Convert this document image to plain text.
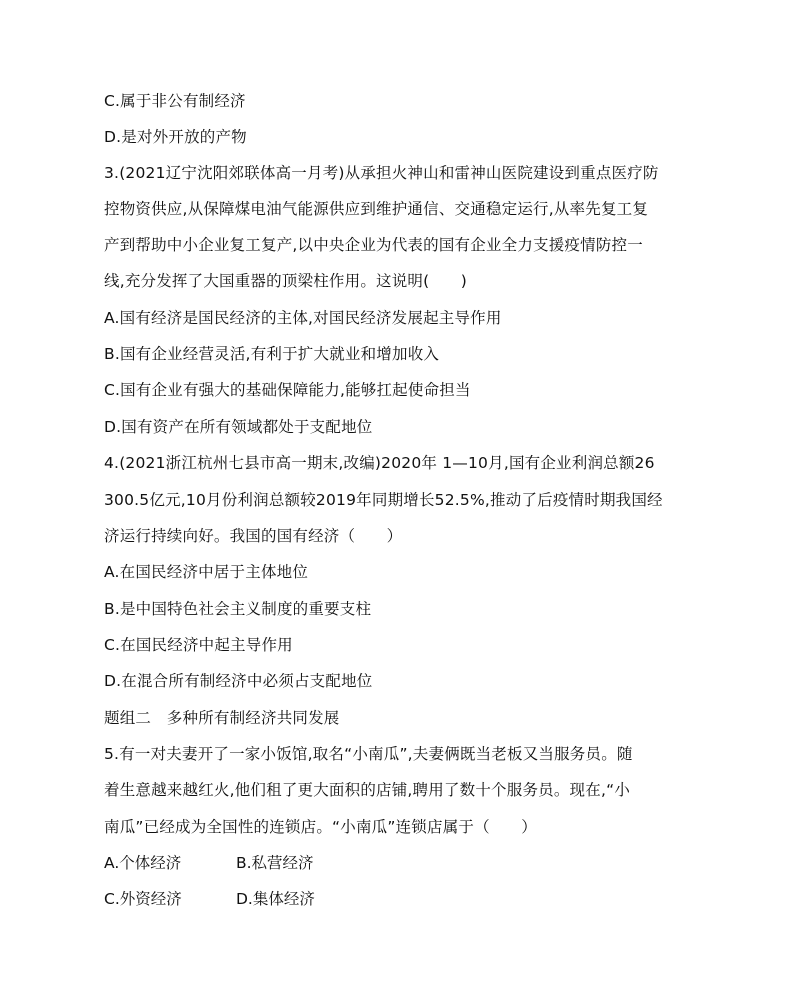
C.属于非公有制经济
D.是对外开放的产物
3.(2021辽宁沈阳郊联体高一月考)从承担火神山和雷神山医院建设到重点医疗防
控物资供应,从保障煤电油气能源供应到维护通信、交通稳定运行,从率先复工复
产到帮助中小企业复工复产,以中央企业为代表的国有企业全力支援疫情防控一
线,充分发挥了大国重器的顶梁柱作用。这说明(　　)
A.国有经济是国民经济的主体,对国民经济发展起主导作用
B.国有企业经营灵活,有利于扩大就业和增加收入
C.国有企业有强大的基础保障能力,能够扛起使命担当
D.国有资产在所有领域都处于支配地位
4.(2021浙江杭州七县市高一期末,改编)2020年 1—10月,国有企业利润总额26
300.5亿元,10月份利润总额较2019年同期增长52.5%,推动了后疫情时期我国经
济运行持续向好。我国的国有经济（　　）
A.在国民经济中居于主体地位
B.是中国特色社会主义制度的重要支柱
C.在国民经济中起主导作用
D.在混合所有制经济中必须占支配地位
题组二　多种所有制经济共同发展
5.有一对夫妻开了一家小饭馆,取名“小南瓜”,夫妻俩既当老板又当服务员。随
着生意越来越红火,他们租了更大面积的店铺,聘用了数十个服务员。现在,“小
南瓜”已经成为全国性的连锁店。“小南瓜”连锁店属于（　　）
A.个体经济	B.私营经济
C.外资经济	D.集体经济
